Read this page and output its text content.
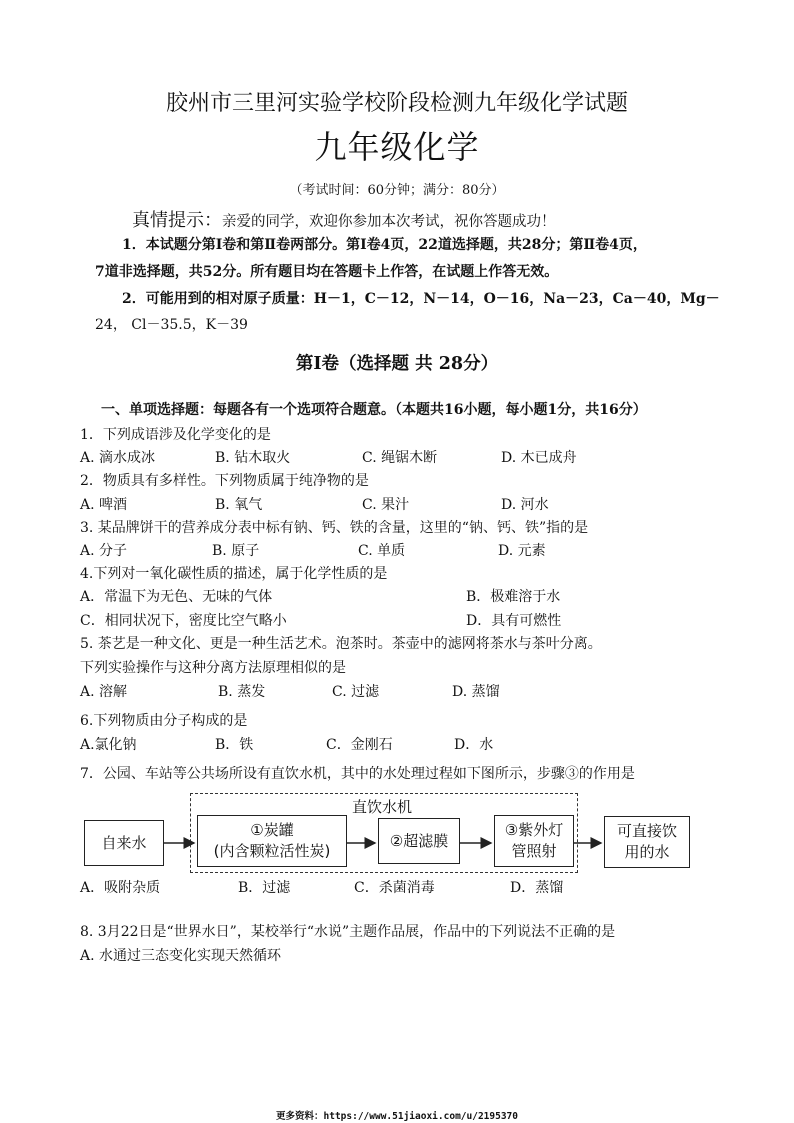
胶州市三里河实验学校阶段检测九年级化学试题
九年级化学
（考试时间：60分钟；满分：80分）
真情提示：亲爱的同学，欢迎你参加本次考试，祝你答题成功！
1．本试题分第Ⅰ卷和第Ⅱ卷两部分。第Ⅰ卷4页，22道选择题，共28分；第Ⅱ卷4页，
7道非选择题，共52分。所有题目均在答题卡上作答，在试题上作答无效。
2．可能用到的相对原子质量：H－1，C－12，N－14，O－16，Na－23，Ca－40，Mg－
24， Cl－35.5，K－39
第Ⅰ卷（选择题 共 28分）
一、单项选择题：每题各有一个选项符合题意。（本题共16小题，每小题1分，共16分）
1．下列成语涉及化学变化的是
A. 滴水成冰	B. 钻木取火	C. 绳锯木断	D. 木已成舟
2．物质具有多样性。下列物质属于纯净物的是
A. 啤酒	B. 氧气	C. 果汁	D. 河水
3. 某品牌饼干的营养成分表中标有钠、钙、铁的含量，这里的“钠、钙、铁”指的是
A. 分子	B. 原子	C. 单质	D. 元素
4.下列对一氧化碳性质的描述，属于化学性质的是
A．常温下为无色、无味的气体	B．极难溶于水
C．相同状况下，密度比空气略小	D．具有可燃性
5. 茶艺是一种文化、更是一种生活艺术。泡茶时。茶壶中的滤网将茶水与茶叶分离。
下列实验操作与这种分离方法原理相似的是
A. 溶解	B. 蒸发	C. 过滤	D. 蒸馏
6.下列物质由分子构成的是
A.氯化钠	B．铁	C．金刚石	D．水
7．公园、车站等公共场所设有直饮水机，其中的水处理过程如下图所示，步骤③的作用是
直饮水机
自来水
①炭罐
(内含颗粒活性炭)
②超滤膜
③紫外灯
管照射
可直接饮
用的水
A．吸附杂质	B．过滤	C．杀菌消毒	D．蒸馏
8. 3月22日是“世界水日”，某校举行“水说”主题作品展，作品中的下列说法不正确的是
A. 水通过三态变化实现天然循环
更多资料：https://www.51jiaoxi.com/u/2195370
